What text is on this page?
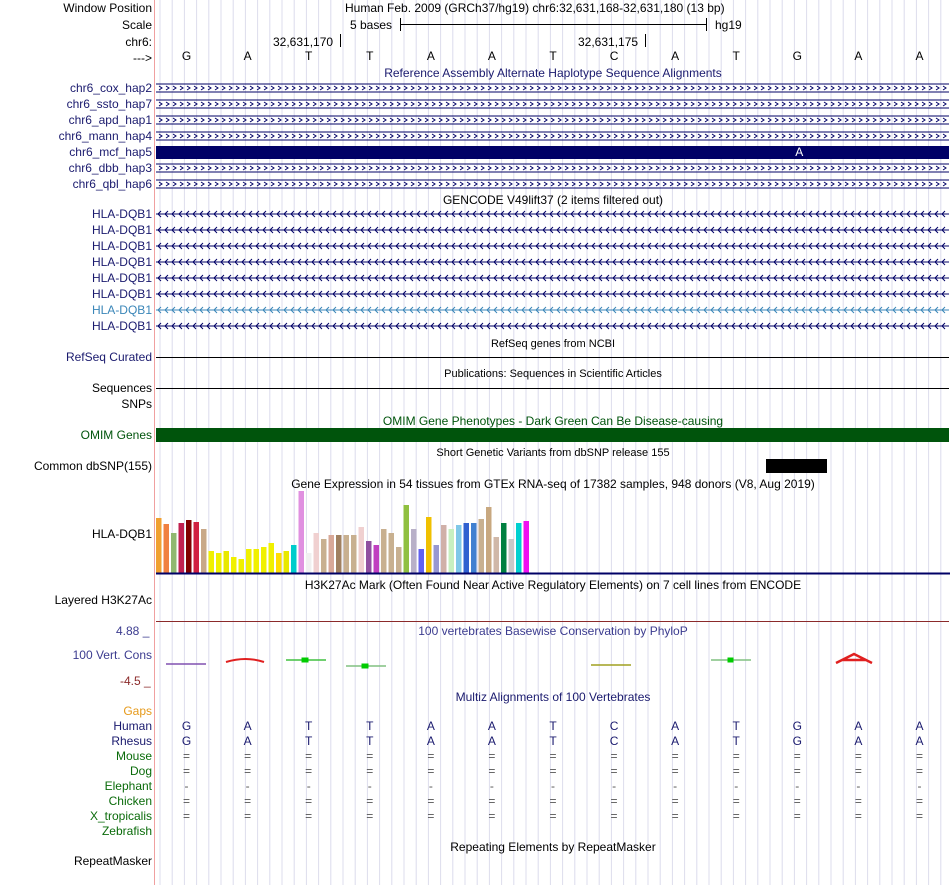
Window Position	Human Feb. 2009 (GRCh37/hg19) chr6:32,631,168-32,631,180 (13 bp)
Scale	5 bases	hg19
chr6:	32,631,170	32,631,175
--->	G	A	T	T	A	A	T	C	A	T	G	A	A
Reference Assembly Alternate Haplotype Sequence Alignments
chr6_cox_hap2
chr6_ssto_hap7
chr6_apd_hap1
chr6_mann_hap4
chr6_mcf_hap5	A
chr6_dbb_hap3
chr6_qbl_hap6
GENCODE V49lift37 (2 items filtered out)
HLA-DQB1
HLA-DQB1
HLA-DQB1
HLA-DQB1
HLA-DQB1
HLA-DQB1
HLA-DQB1
HLA-DQB1
RefSeq genes from NCBI
RefSeq Curated
Publications: Sequences in Scientific Articles
Sequences
SNPs
OMIM Gene Phenotypes - Dark Green Can Be Disease-causing
OMIM Genes
Short Genetic Variants from dbSNP release 155
Common dbSNP(155)
Gene Expression in 54 tissues from GTEx RNA-seq of 17382 samples, 948 donors (V8, Aug 2019)
HLA-DQB1
H3K27Ac Mark (Often Found Near Active Regulatory Elements) on 7 cell lines from ENCODE
Layered H3K27Ac
100 vertebrates Basewise Conservation by PhyloP
4.88 _
100 Vert. Cons
-4.5 _
Multiz Alignments of 100 Vertebrates
Gaps
Human	G	A	T	T	A	A	T	C	A	T	G	A	A
Rhesus	G	A	T	T	A	A	T	C	A	T	G	A	A
Mouse	=	=	=	=	=	=	=	=	=	=	=	=	=
Dog	=	=	=	=	=	=	=	=	=	=	=	=	=
Elephant	-	-	-	-	-	-	-	-	-	-	-	-	-
Chicken	=	=	=	=	=	=	=	=	=	=	=	=	=
X_tropicalis	=	=	=	=	=	=	=	=	=	=	=	=	=
Zebrafish
Repeating Elements by RepeatMasker
RepeatMasker
